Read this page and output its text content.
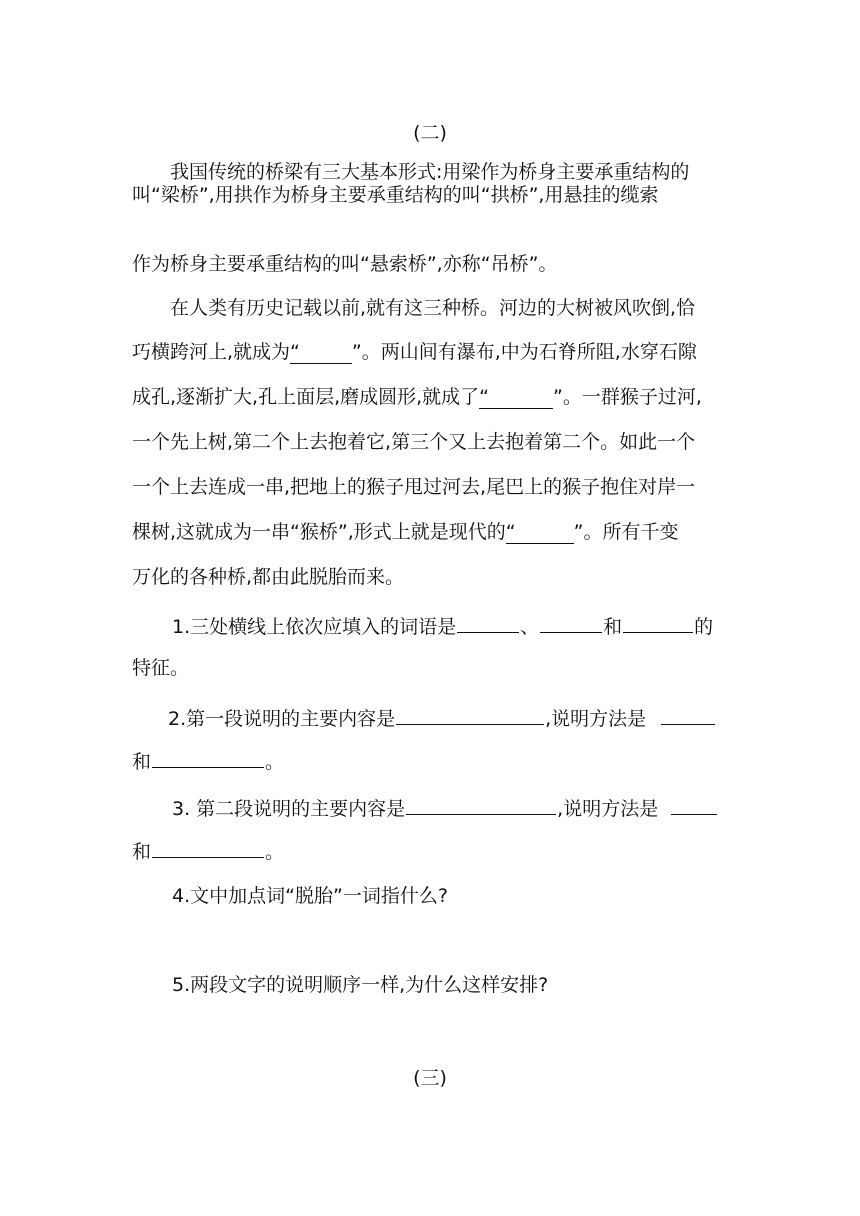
(二)
我国传统的桥梁有三大基本形式:用梁作为桥身主要承重结构的
叫“梁桥”,用拱作为桥身主要承重结构的叫“拱桥”,用悬挂的缆索
作为桥身主要承重结构的叫“悬索桥”,亦称“吊桥”。
在人类有历史记载以前,就有这三种桥。河边的大树被风吹倒,恰
巧横跨河上,就成为“	”。两山间有瀑布,中为石脊所阻,水穿石隙
成孔,逐渐扩大,孔上面层,磨成圆形,就成了“	”。一群猴子过河,
一个先上树,第二个上去抱着它,第三个又上去抱着第二个。如此一个
一个上去连成一串,把地上的猴子甩过河去,尾巴上的猴子抱住对岸一
棵树,这就成为一串“猴桥”,形式上就是现代的“	”。所有千变
万化的各种桥,都由此脱胎而来。
1.三处横线上依次应填入的词语是	、	和	的
特征。
2.第一段说明的主要内容是	,说明方法是
和	。
3. 第二段说明的主要内容是	,说明方法是
和	。
4.文中加点词“脱胎”一词指什么?
5.两段文字的说明顺序一样,为什么这样安排?
(三)
